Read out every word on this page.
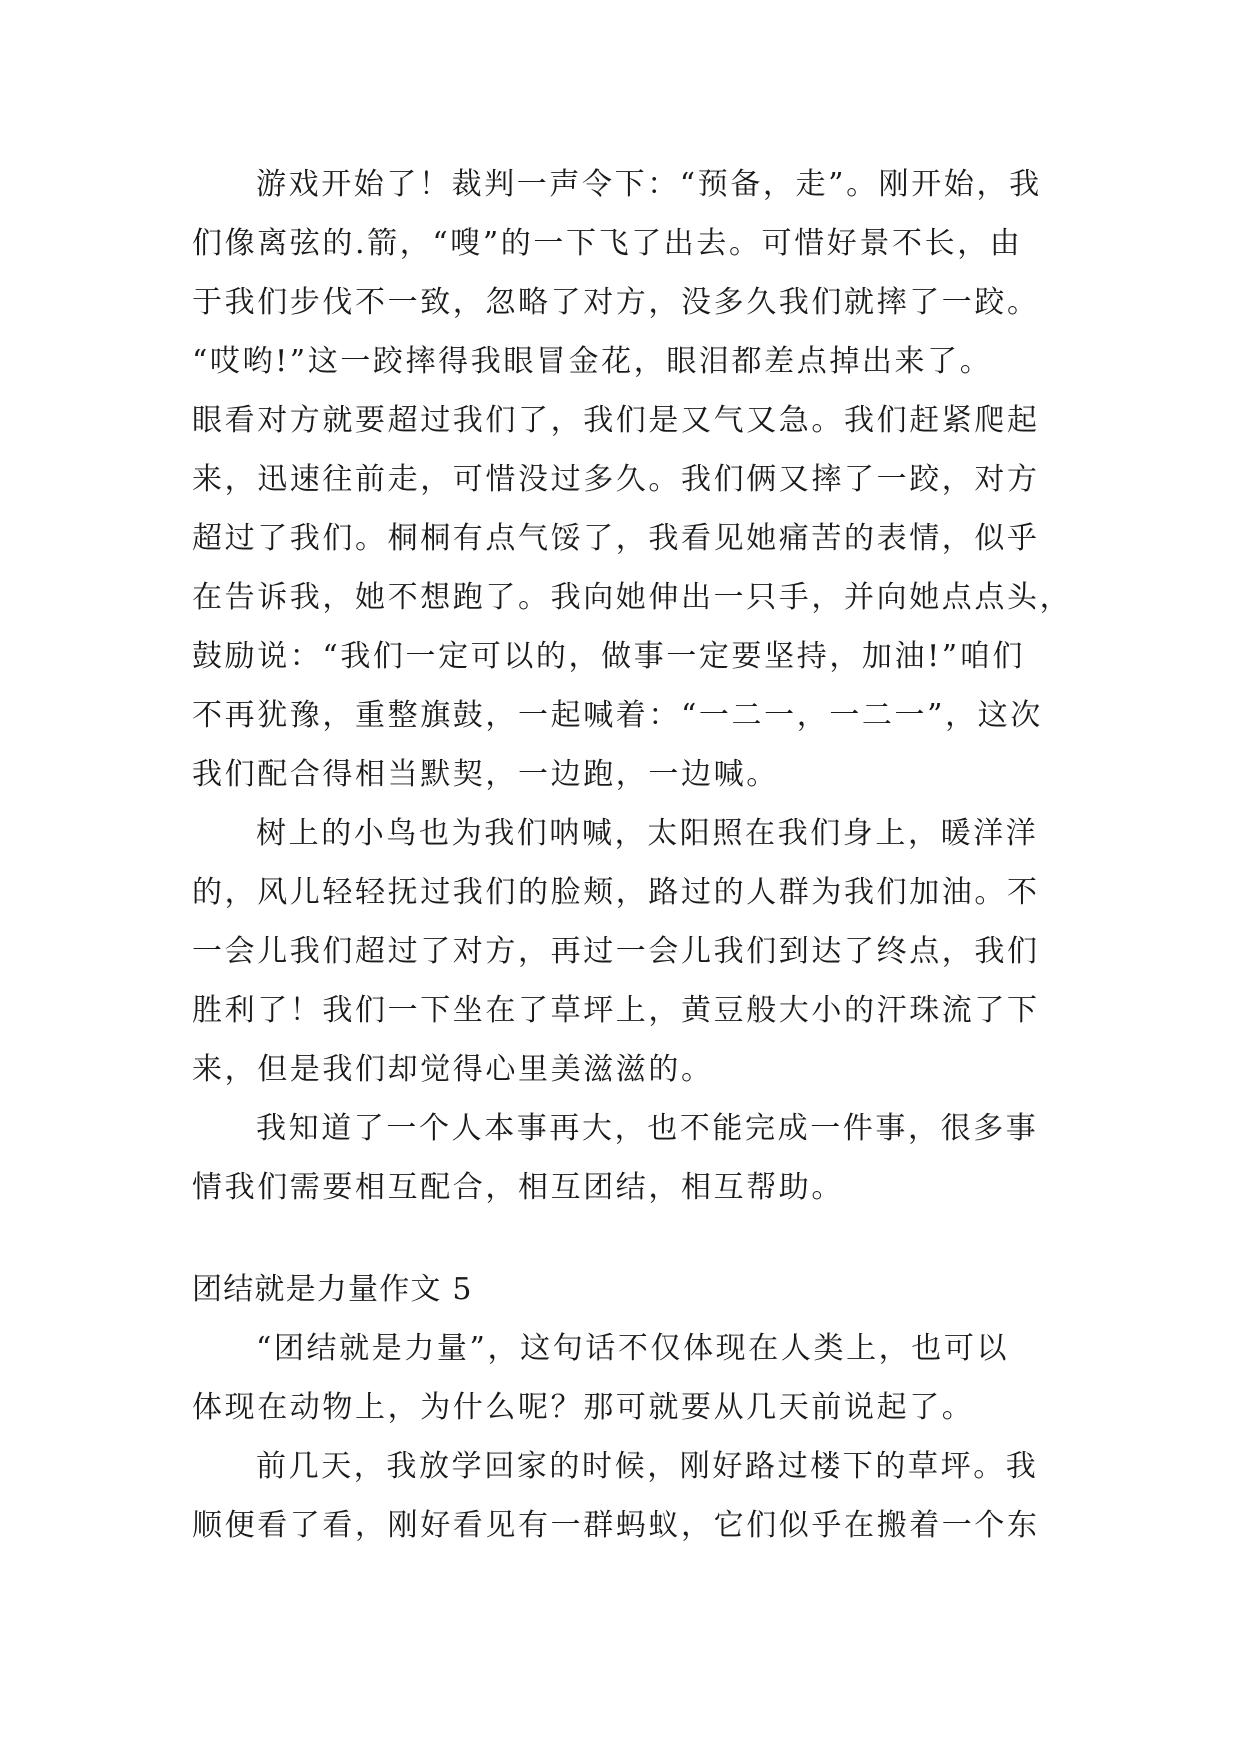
游戏开始了！裁判一声令下：“预备，走”。刚开始，我
们像离弦的.箭，“嗖”的一下飞了出去。可惜好景不长，由
于我们步伐不一致，忽略了对方，没多久我们就摔了一跤。
“哎哟!”这一跤摔得我眼冒金花，眼泪都差点掉出来了。
眼看对方就要超过我们了，我们是又气又急。我们赶紧爬起
来，迅速往前走，可惜没过多久。我们俩又摔了一跤，对方
超过了我们。桐桐有点气馁了，我看见她痛苦的表情，似乎
在告诉我，她不想跑了。我向她伸出一只手，并向她点点头，
鼓励说：“我们一定可以的，做事一定要坚持，加油!”咱们
不再犹豫，重整旗鼓，一起喊着：“一二一，一二一”，这次
我们配合得相当默契，一边跑，一边喊。
树上的小鸟也为我们呐喊，太阳照在我们身上，暖洋洋
的，风儿轻轻抚过我们的脸颊，路过的人群为我们加油。不
一会儿我们超过了对方，再过一会儿我们到达了终点，我们
胜利了！我们一下坐在了草坪上，黄豆般大小的汗珠流了下
来，但是我们却觉得心里美滋滋的。
我知道了一个人本事再大，也不能完成一件事，很多事
情我们需要相互配合，相互团结，相互帮助。
团结就是力量作文 5
“团结就是力量”，这句话不仅体现在人类上，也可以
体现在动物上，为什么呢？那可就要从几天前说起了。
前几天，我放学回家的时候，刚好路过楼下的草坪。我
顺便看了看，刚好看见有一群蚂蚁，它们似乎在搬着一个东
